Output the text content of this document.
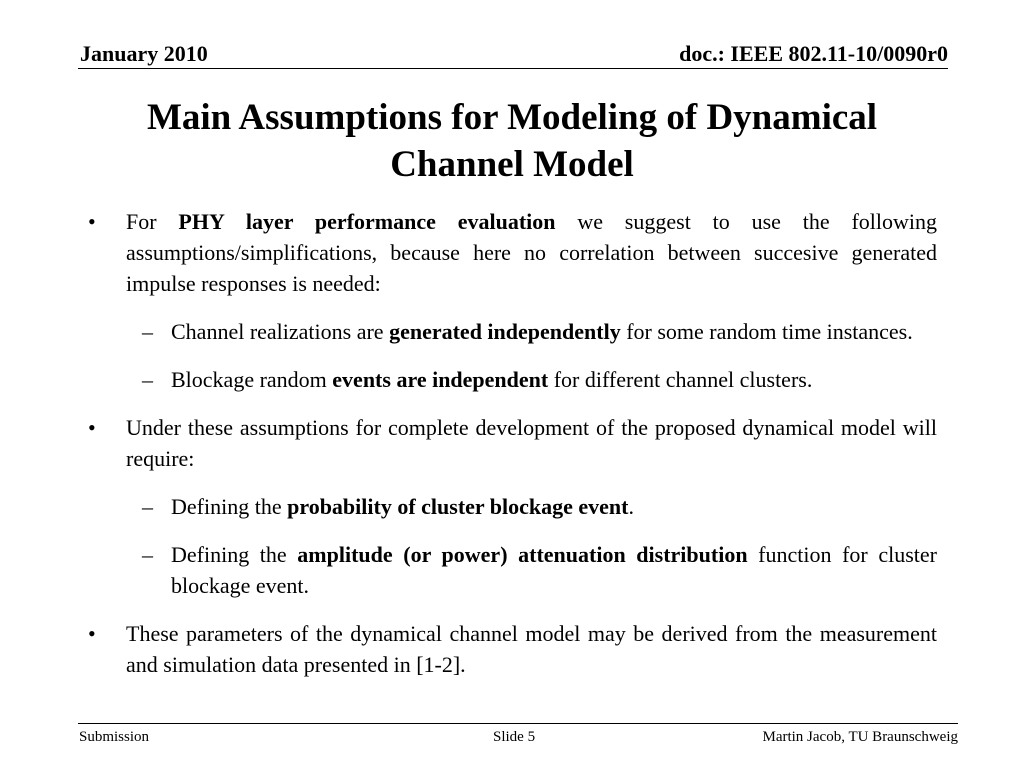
January 2010	doc.: IEEE 802.11-10/0090r0
Main Assumptions for Modeling of Dynamical
Channel Model
• For PHY layer performance evaluation we suggest to use the following assumptions/simplifications, because here no correlation between succesive generated impulse responses is needed:
– Channel realizations are generated independently for some random time instances.
– Blockage random events are independent for different channel clusters.
• Under these assumptions for complete development of the proposed dynamical model will require:
– Defining the probability of cluster blockage event.
– Defining the amplitude (or power) attenuation distribution function for cluster blockage event.
• These parameters of the dynamical channel model may be derived from the measurement and simulation data presented in [1-2].
Submission	Slide 5	Martin Jacob, TU Braunschweig
